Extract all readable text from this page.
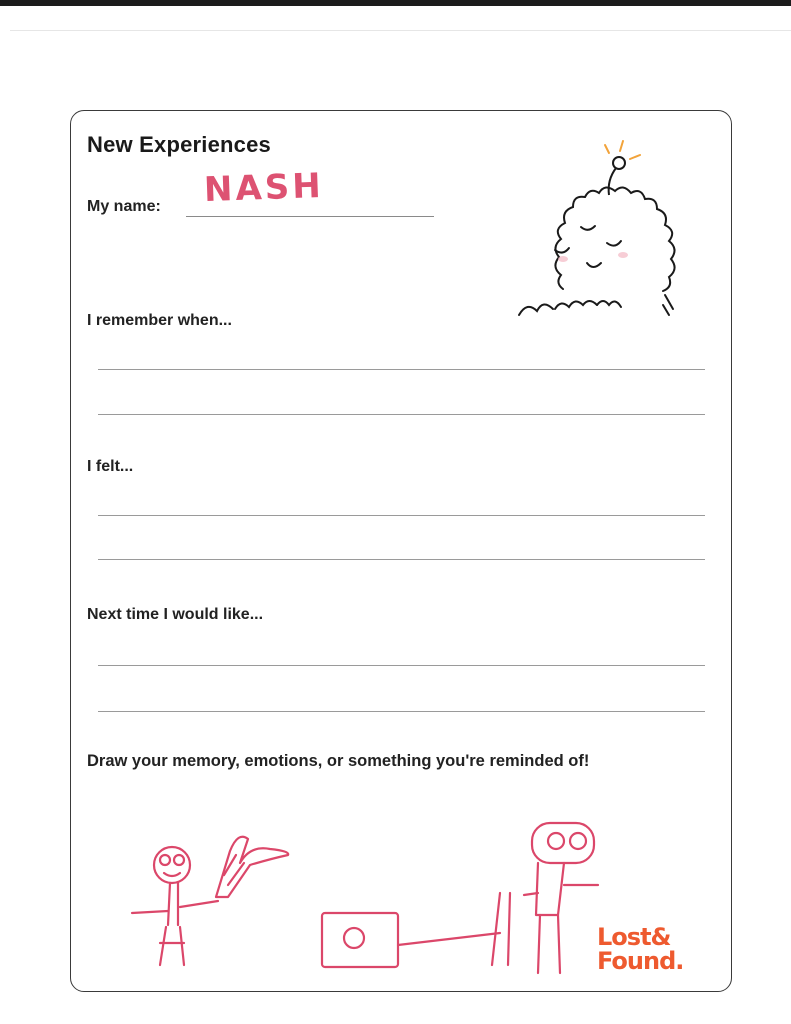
New Experiences

My name: NASH

I remember when...

I felt...

Next time I would like...

Draw your memory, emotions, or something you're reminded of!

Lost&
Found.
